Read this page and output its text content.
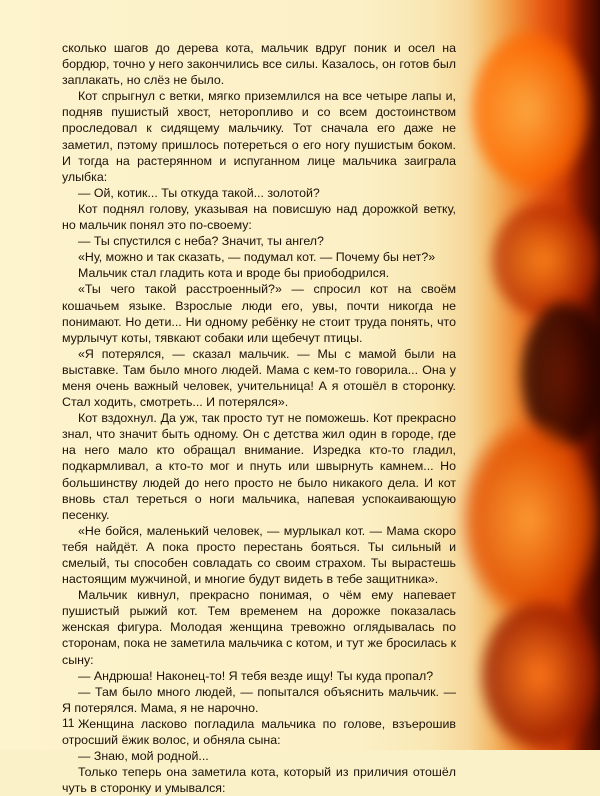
сколько шагов до дерева кота, мальчик вдруг поник и осел на бордюр, точно у него закончились все силы. Казалось, он готов был заплакать, но слёз не было.

Кот спрыгнул с ветки, мягко приземлился на все четыре лапы и, подняв пушистый хвост, неторопливо и со всем достоинством проследовал к сидящему мальчику. Тот сначала его даже не заметил, пэтому пришлось потереться о его ногу пушистым боком. И тогда на растерянном и испуганном лице мальчика заиграла улыбка:

— Ой, котик... Ты откуда такой... золотой?

Кот поднял голову, указывая на повисшую над дорожкой ветку, но мальчик понял это по-своему:

— Ты спустился с неба? Значит, ты ангел?

«Ну, можно и так сказать, — подумал кот. — Почему бы нет?»

Мальчик стал гладить кота и вроде бы приободрился.

«Ты чего такой расстроенный?» — спросил кот на своём кошачьем языке. Взрослые люди его, увы, почти никогда не понимают. Но дети... Ни одному ребёнку не стоит труда понять, что мурлычут коты, тявкают собаки или щебечут птицы.

«Я потерялся, — сказал мальчик. — Мы с мамой были на выставке. Там было много людей. Мама с кем-то говорила... Она у меня очень важный человек, учительница! А я отошёл в сторонку. Стал ходить, смотреть... И потерялся».

Кот вздохнул. Да уж, так просто тут не поможешь. Кот прекрасно знал, что значит быть одному. Он с детства жил один в городе, где на него мало кто обращал внимание. Изредка кто-то гладил, подкармливал, а кто-то мог и пнуть или швырнуть камнем... Но большинству людей до него просто не было никакого дела. И кот вновь стал тереться о ноги мальчика, напевая успокаивающую песенку.

«Не бойся, маленький человек, — мурлыкал кот. — Мама скоро тебя найдёт. А пока просто перестань бояться. Ты сильный и смелый, ты способен совладать со своим страхом. Ты вырастешь настоящим мужчиной, и многие будут видеть в тебе защитника».

Мальчик кивнул, прекрасно понимая, о чём ему напевает пушистый рыжий кот. Тем временем на дорожке показалась женская фигура. Молодая женщина тревожно оглядывалась по сторонам, пока не заметила мальчика с котом, и тут же бросилась к сыну:

— Андрюша! Наконец-то! Я тебя везде ищу! Ты куда пропал?

— Там было много людей, — попытался объяснить мальчик. — Я потерялся. Мама, я не нарочно.

Женщина ласково погладила мальчика по голове, взъерошив отросший ёжик волос, и обняла сына:

— Знаю, мой родной...

Только теперь она заметила кота, который из приличия отошёл чуть в сторонку и умывался:

11
